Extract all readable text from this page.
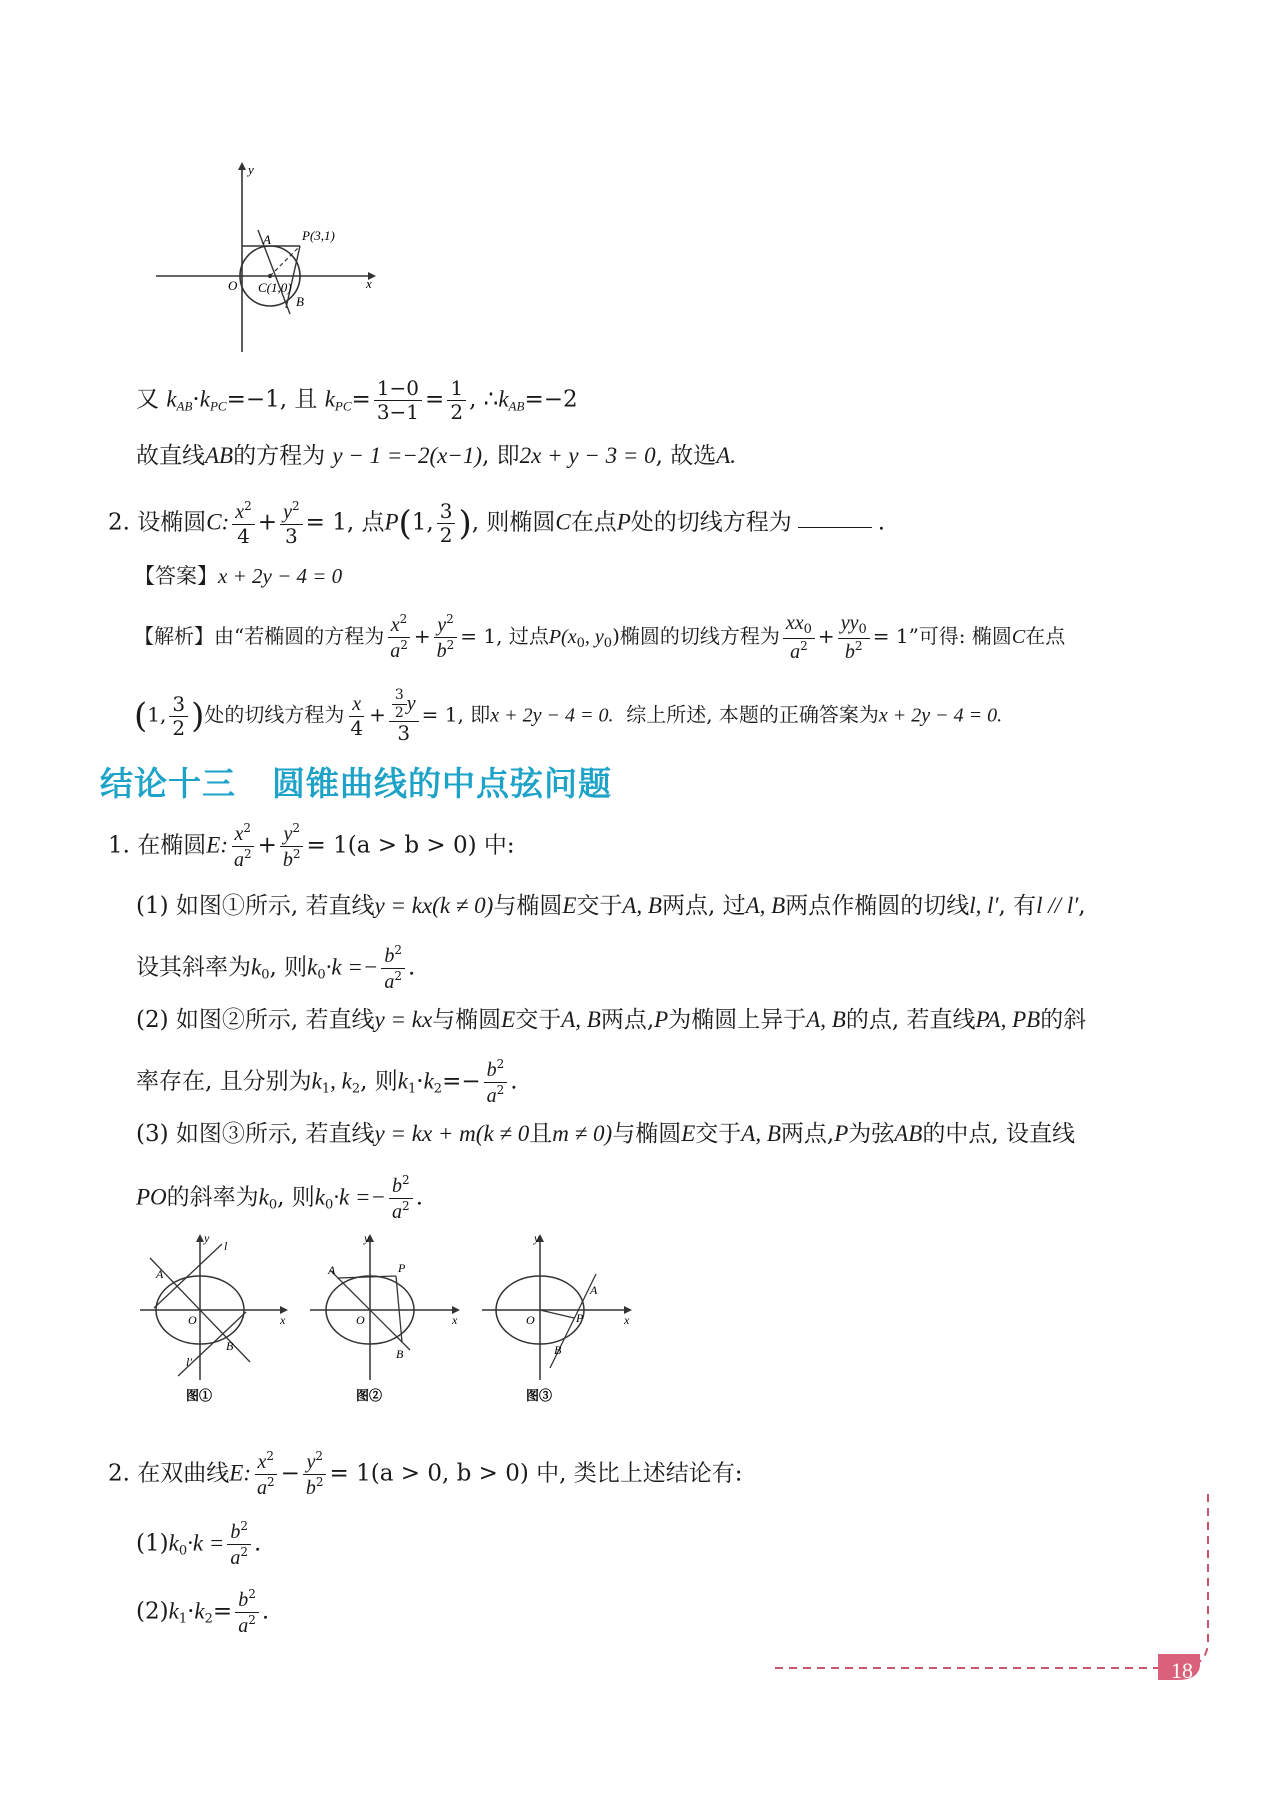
y
x
O
A
B
C(1,0)
P(3,1)
又 $k_{AB}\cdot k_{PC}=-1$, 且 $k_{PC}= \frac{1-0}{3-1} = \frac{1}{2}$ , $\therefore k_{AB}=-2$
故直线AB的方程为 y − 1 =−2(x−1), 即2x + y − 3 = 0, 故选A.
2. 设椭圆C: $\frac{x^2}{4} + \frac{y^2}{3} = 1$, 点P(1, $\frac{3}{2}$ ), 则椭圆C在点P处的切线方程为	.
【答案】x + 2y − 4 = 0
【解析】由“若椭圆的方程为 $\frac{x^2}{a^2} + \frac{y^2}{b^2} = 1$, 过点$P(x_0$, $y_0$)椭圆的切线方程为 $\frac{xx_0}{a^2} + \frac{yy_0}{b^2} = 1$”可得: 椭圆C在点
(1, $\frac{3}{2}$ )处的切线方程为 $\frac{x}{4} + \frac{\frac{3}{2} y}{3} = 1$, 即x + 2y − 4 = 0. 综上所述, 本题的正确答案为x + 2y − 4 = 0.
结论十三 圆锥曲线的中点弦问题
1. 在椭圆E: $\frac{x^2}{a^2} + \frac{y^2}{b^2} = 1(a > b > 0)$ 中:
(1) 如图①所示, 若直线y = kx(k ≠ 0)与椭圆E交于A, B两点, 过A, B两点作椭圆的切线l, l′, 有l // l′,
设其斜率为$k_0$, 则$k_0\cdot k =- \frac{b^2}{a^2}$ .
(2) 如图②所示, 若直线y = kx与椭圆E交于A, B两点,P为椭圆上异于A, B的点, 若直线PA, PB的斜
率存在, 且分别为$k_1$, $k_2$, 则$k_1\cdot k_2=- \frac{b^2}{a^2}$ .
(3) 如图③所示, 若直线y = kx + m(k ≠ 0且m ≠ 0)与椭圆E交于A, B两点,P为弦AB的中点, 设直线
PO的斜率为$k_0$, 则$k_0\cdot k =- \frac{b^2}{a^2}$ .
y
x
O
A
B
l
l′
图①
y
x
O
A
B
P
图②
y
x
O
A
B
P
图③
2. 在双曲线E: $\frac{x^2}{a^2} - \frac{y^2}{b^2} = 1(a > 0$, b > 0) 中, 类比上述结论有:
$(1)k_0\cdot k = \frac{b^2}{a^2}$ .
$(2)k_1\cdot k_2= \frac{b^2}{a^2}$ .
18
